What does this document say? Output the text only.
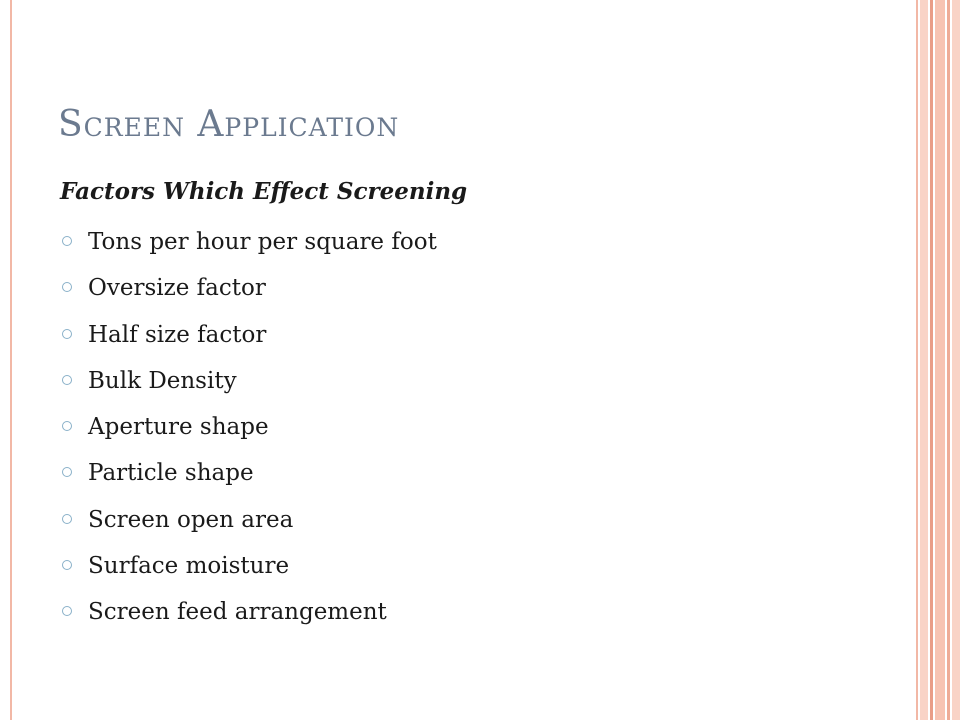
Screen Application
Factors Which Effect Screening
Tons per hour per square foot
Oversize factor
Half size factor
Bulk Density
Aperture shape
Particle shape
Screen open area
Surface moisture
Screen feed arrangement
